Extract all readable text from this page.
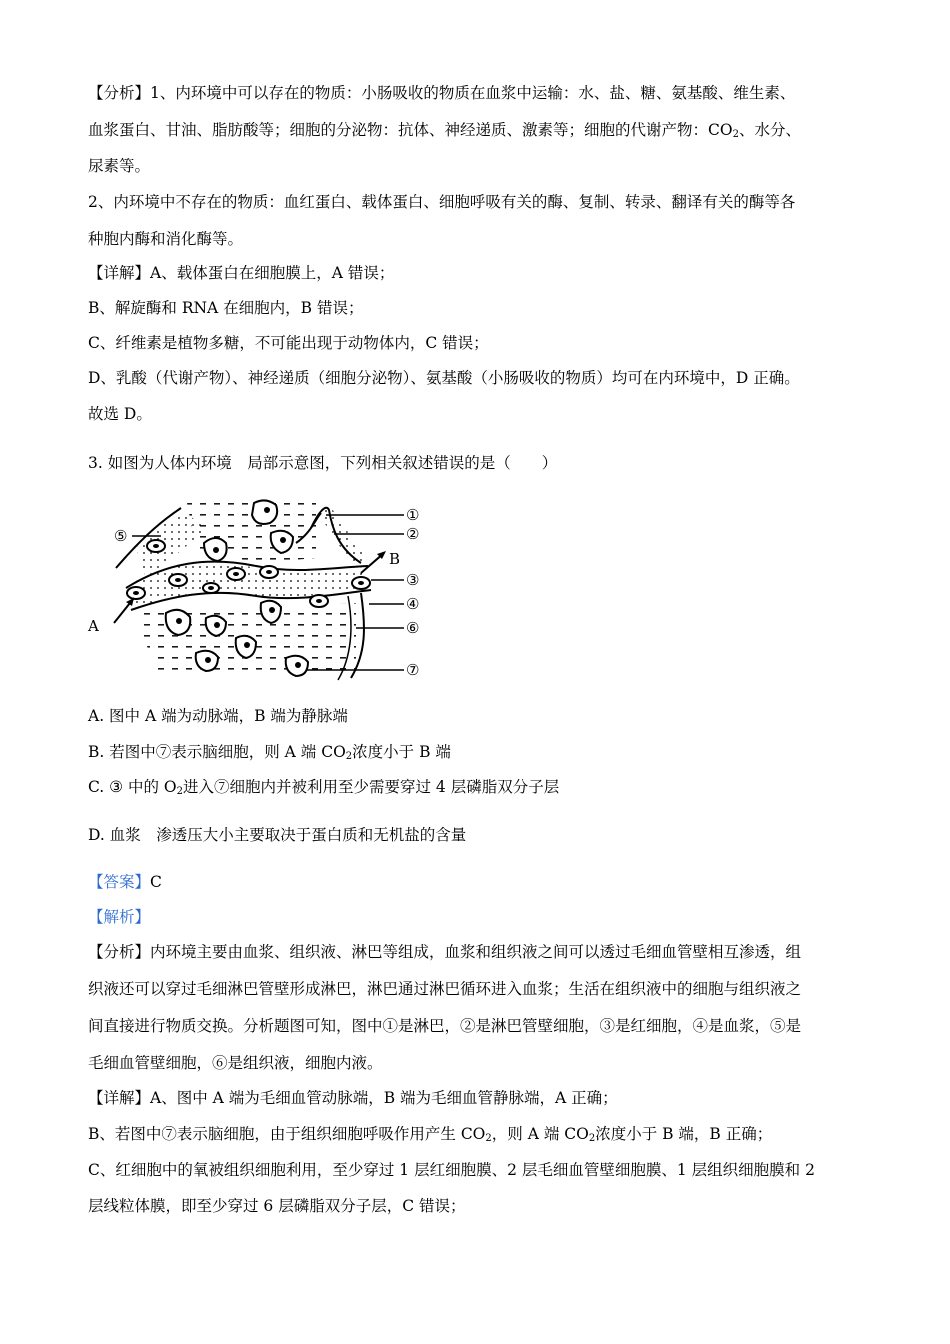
【分析】1、内环境中可以存在的物质：小肠吸收的物质在血浆中运输：水、盐、糖、氨基酸、维生素、
血浆蛋白、甘油、脂肪酸等；细胞的分泌物：抗体、神经递质、激素等；细胞的代谢产物：$CO_2$、水分、
尿素等。
2、内环境中不存在的物质：血红蛋白、载体蛋白、细胞呼吸有关的酶、复制、转录、翻译有关的酶等各
种胞内酶和消化酶等。
【详解】A、载体蛋白在细胞膜上，A 错误；
B、解旋酶和 RNA 在细胞内，B 错误；
C、纤维素是植物多糖，不可能出现于动物体内，C 错误；
D、乳酸（代谢产物）、神经递质（细胞分泌物）、氨基酸（小肠吸收的物质）均可在内环境中，D 正确。
故选 D。
3. 如图为人体内环境　局部示意图，下列相关叙述错误的是（　　）
①
②
③
④
⑤
⑥
⑦
A
B
A. 图中 A 端为动脉端，B 端为静脉端
B. 若图中⑦表示脑细胞，则 A 端 $CO_2$浓度小于 B 端
C. ③ 中的 $O_2$进入⑦细胞内并被利用至少需要穿过 4 层磷脂双分子层
D. 血浆　渗透压大小主要取决于蛋白质和无机盐的含量
【答案】C
【解析】
【分析】内环境主要由血浆、组织液、淋巴等组成，血浆和组织液之间可以透过毛细血管壁相互渗透，组
织液还可以穿过毛细淋巴管壁形成淋巴，淋巴通过淋巴循环进入血浆；生活在组织液中的细胞与组织液之
间直接进行物质交换。分析题图可知，图中①是淋巴，②是淋巴管壁细胞，③是红细胞，④是血浆，⑤是
毛细血管壁细胞，⑥是组织液，细胞内液。
【详解】A、图中 A 端为毛细血管动脉端，B 端为毛细血管静脉端，A 正确；
B、若图中⑦表示脑细胞，由于组织细胞呼吸作用产生 $CO_2$，则 A 端 $CO_2$浓度小于 B 端，B 正确；
C、红细胞中的氧被组织细胞利用，至少穿过 1 层红细胞膜、2 层毛细血管壁细胞膜、1 层组织细胞膜和 2
层线粒体膜，即至少穿过 6 层磷脂双分子层，C 错误；
